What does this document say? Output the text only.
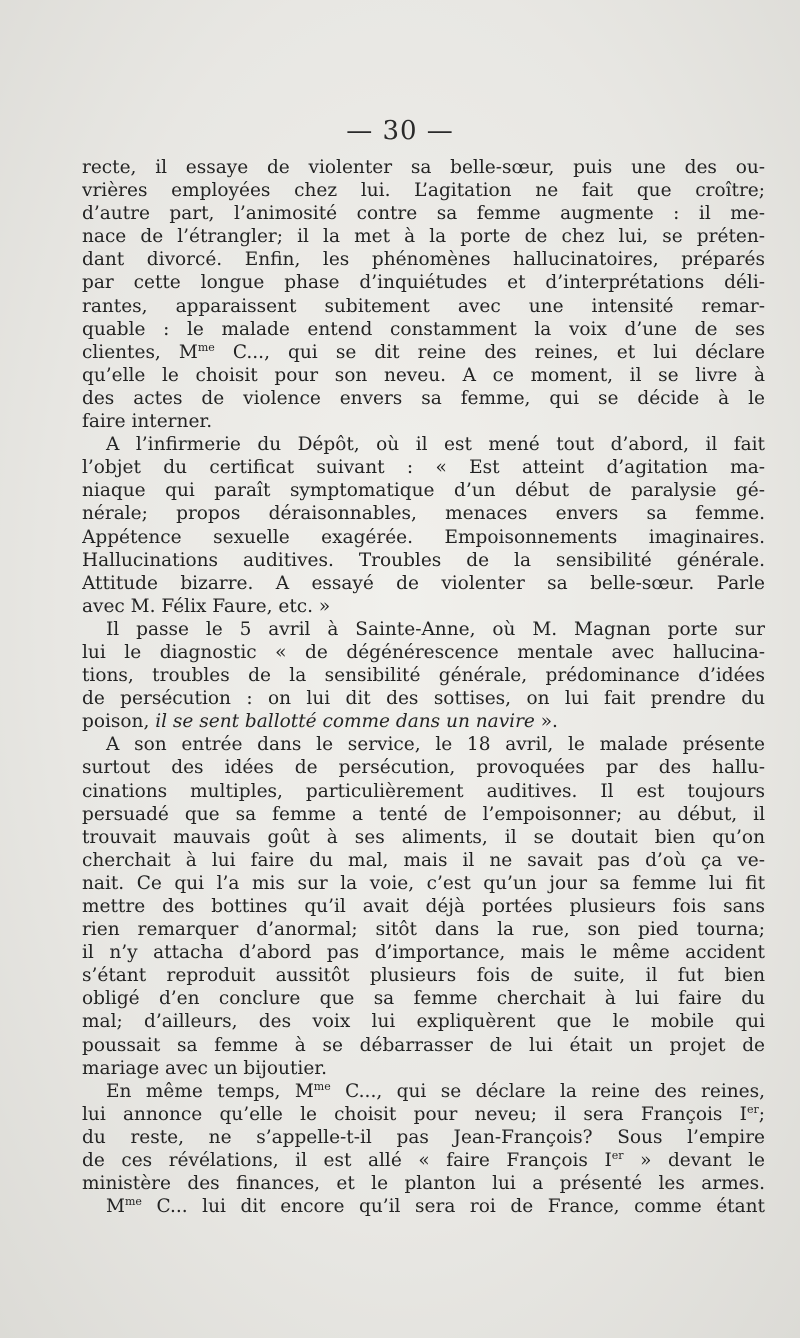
— 30 —
recte, il essaye de violenter sa belle-sœur, puis une des ou-
vrières employées chez lui. L’agitation ne fait que croître;
d’autre part, l’animosité contre sa femme augmente : il me-
nace de l’étrangler; il la met à la porte de chez lui, se préten-
dant divorcé. Enfin, les phénomènes hallucinatoires, préparés
par cette longue phase d’inquiétudes et d’interprétations déli-
rantes, apparaissent subitement avec une intensité remar-
quable : le malade entend constamment la voix d’une de ses
clientes, $M^{me}$ C..., qui se dit reine des reines, et lui déclare
qu’elle le choisit pour son neveu. A ce moment, il se livre à
des actes de violence envers sa femme, qui se décide à le
faire interner.
A l’infirmerie du Dépôt, où il est mené tout d’abord, il fait
l’objet du certificat suivant : « Est atteint d’agitation ma-
niaque qui paraît symptomatique d’un début de paralysie gé-
nérale; propos déraisonnables, menaces envers sa femme.
Appétence sexuelle exagérée. Empoisonnements imaginaires.
Hallucinations auditives. Troubles de la sensibilité générale.
Attitude bizarre. A essayé de violenter sa belle-sœur. Parle
avec M. Félix Faure, etc. »
Il passe le 5 avril à Sainte-Anne, où M. Magnan porte sur
lui le diagnostic « de dégénérescence mentale avec hallucina-
tions, troubles de la sensibilité générale, prédominance d’idées
de persécution : on lui dit des sottises, on lui fait prendre du
poison, il se sent ballotté comme dans un navire ».
A son entrée dans le service, le 18 avril, le malade présente
surtout des idées de persécution, provoquées par des hallu-
cinations multiples, particulièrement auditives. Il est toujours
persuadé que sa femme a tenté de l’empoisonner; au début, il
trouvait mauvais goût à ses aliments, il se doutait bien qu’on
cherchait à lui faire du mal, mais il ne savait pas d’où ça ve-
nait. Ce qui l’a mis sur la voie, c’est qu’un jour sa femme lui fit
mettre des bottines qu’il avait déjà portées plusieurs fois sans
rien remarquer d’anormal; sitôt dans la rue, son pied tourna;
il n’y attacha d’abord pas d’importance, mais le même accident
s’étant reproduit aussitôt plusieurs fois de suite, il fut bien
obligé d’en conclure que sa femme cherchait à lui faire du
mal; d’ailleurs, des voix lui expliquèrent que le mobile qui
poussait sa femme à se débarrasser de lui était un projet de
mariage avec un bijoutier.
En même temps, $M^{me}$ C..., qui se déclare la reine des reines,
lui annonce qu’elle le choisit pour neveu; il sera François Ier;
du reste, ne s’appelle-t-il pas Jean-François? Sous l’empire
de ces révélations, il est allé « faire François Ier » devant le
ministère des finances, et le planton lui a présenté les armes.
$M^{me}$ C... lui dit encore qu’il sera roi de France, comme étant
